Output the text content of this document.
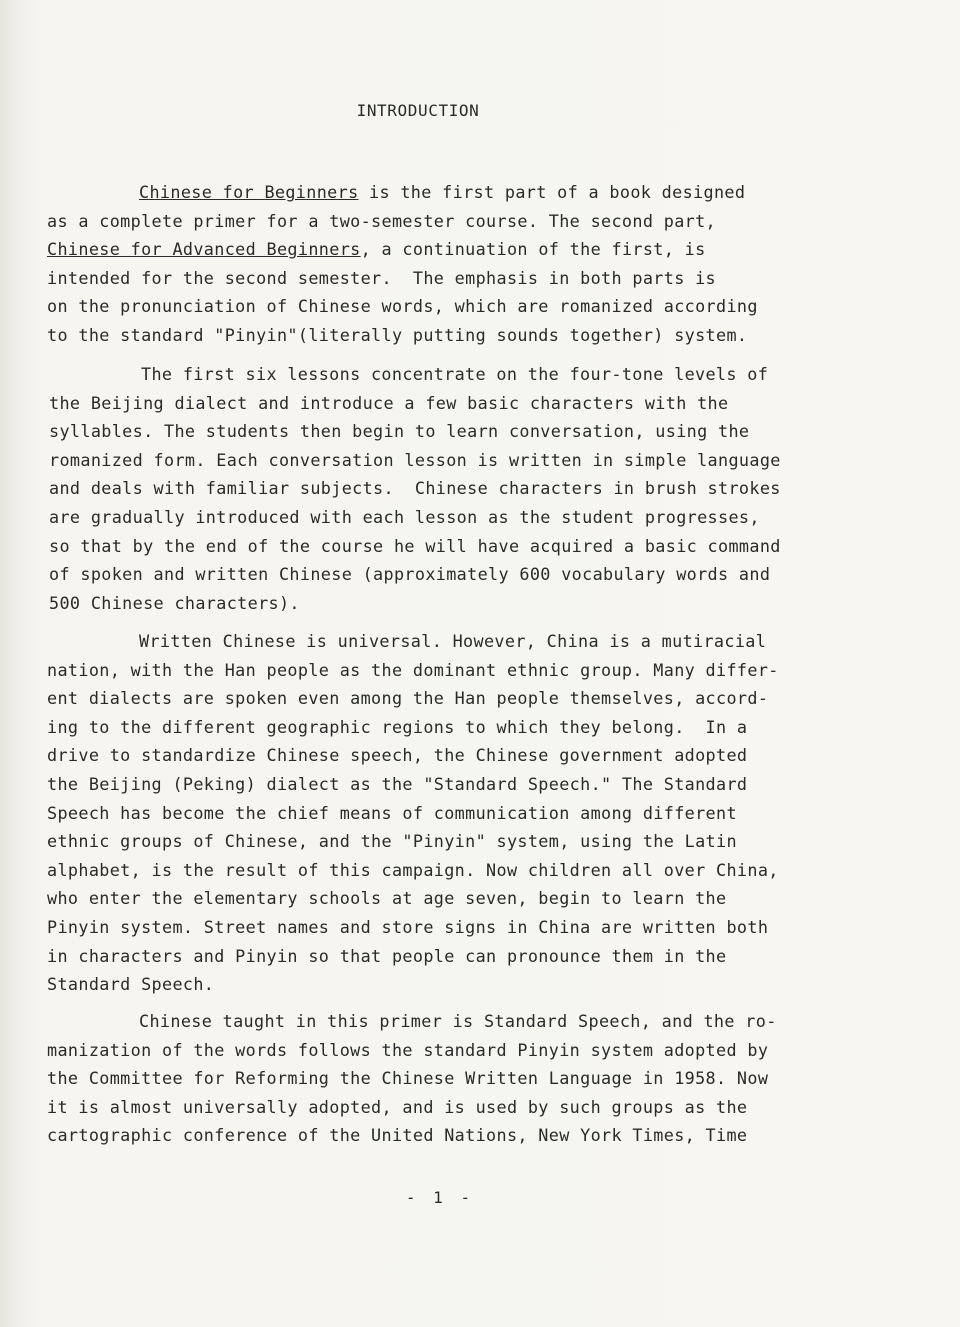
INTRODUCTION
Chinese for Beginners is the first part of a book designed
as a complete primer for a two-semester course. The second part,
Chinese for Advanced Beginners, a continuation of the first, is
intended for the second semester.  The emphasis in both parts is
on the pronunciation of Chinese words, which are romanized according
to the standard "Pinyin"(literally putting sounds together) system.
The first six lessons concentrate on the four-tone levels of
the Beijing dialect and introduce a few basic characters with the
syllables. The students then begin to learn conversation, using the
romanized form. Each conversation lesson is written in simple language
and deals with familiar subjects.  Chinese characters in brush strokes
are gradually introduced with each lesson as the student progresses,
so that by the end of the course he will have acquired a basic command
of spoken and written Chinese (approximately 600 vocabulary words and
500 Chinese characters).
Written Chinese is universal. However, China is a mutiracial
nation, with the Han people as the dominant ethnic group. Many differ-
ent dialects are spoken even among the Han people themselves, accord-
ing to the different geographic regions to which they belong.  In a
drive to standardize Chinese speech, the Chinese government adopted
the Beijing (Peking) dialect as the "Standard Speech." The Standard
Speech has become the chief means of communication among different
ethnic groups of Chinese, and the "Pinyin" system, using the Latin
alphabet, is the result of this campaign. Now children all over China,
who enter the elementary schools at age seven, begin to learn the
Pinyin system. Street names and store signs in China are written both
in characters and Pinyin so that people can pronounce them in the
Standard Speech.
Chinese taught in this primer is Standard Speech, and the ro-
manization of the words follows the standard Pinyin system adopted by
the Committee for Reforming the Chinese Written Language in 1958. Now
it is almost universally adopted, and is used by such groups as the
cartographic conference of the United Nations, New York Times, Time
- 1 -
